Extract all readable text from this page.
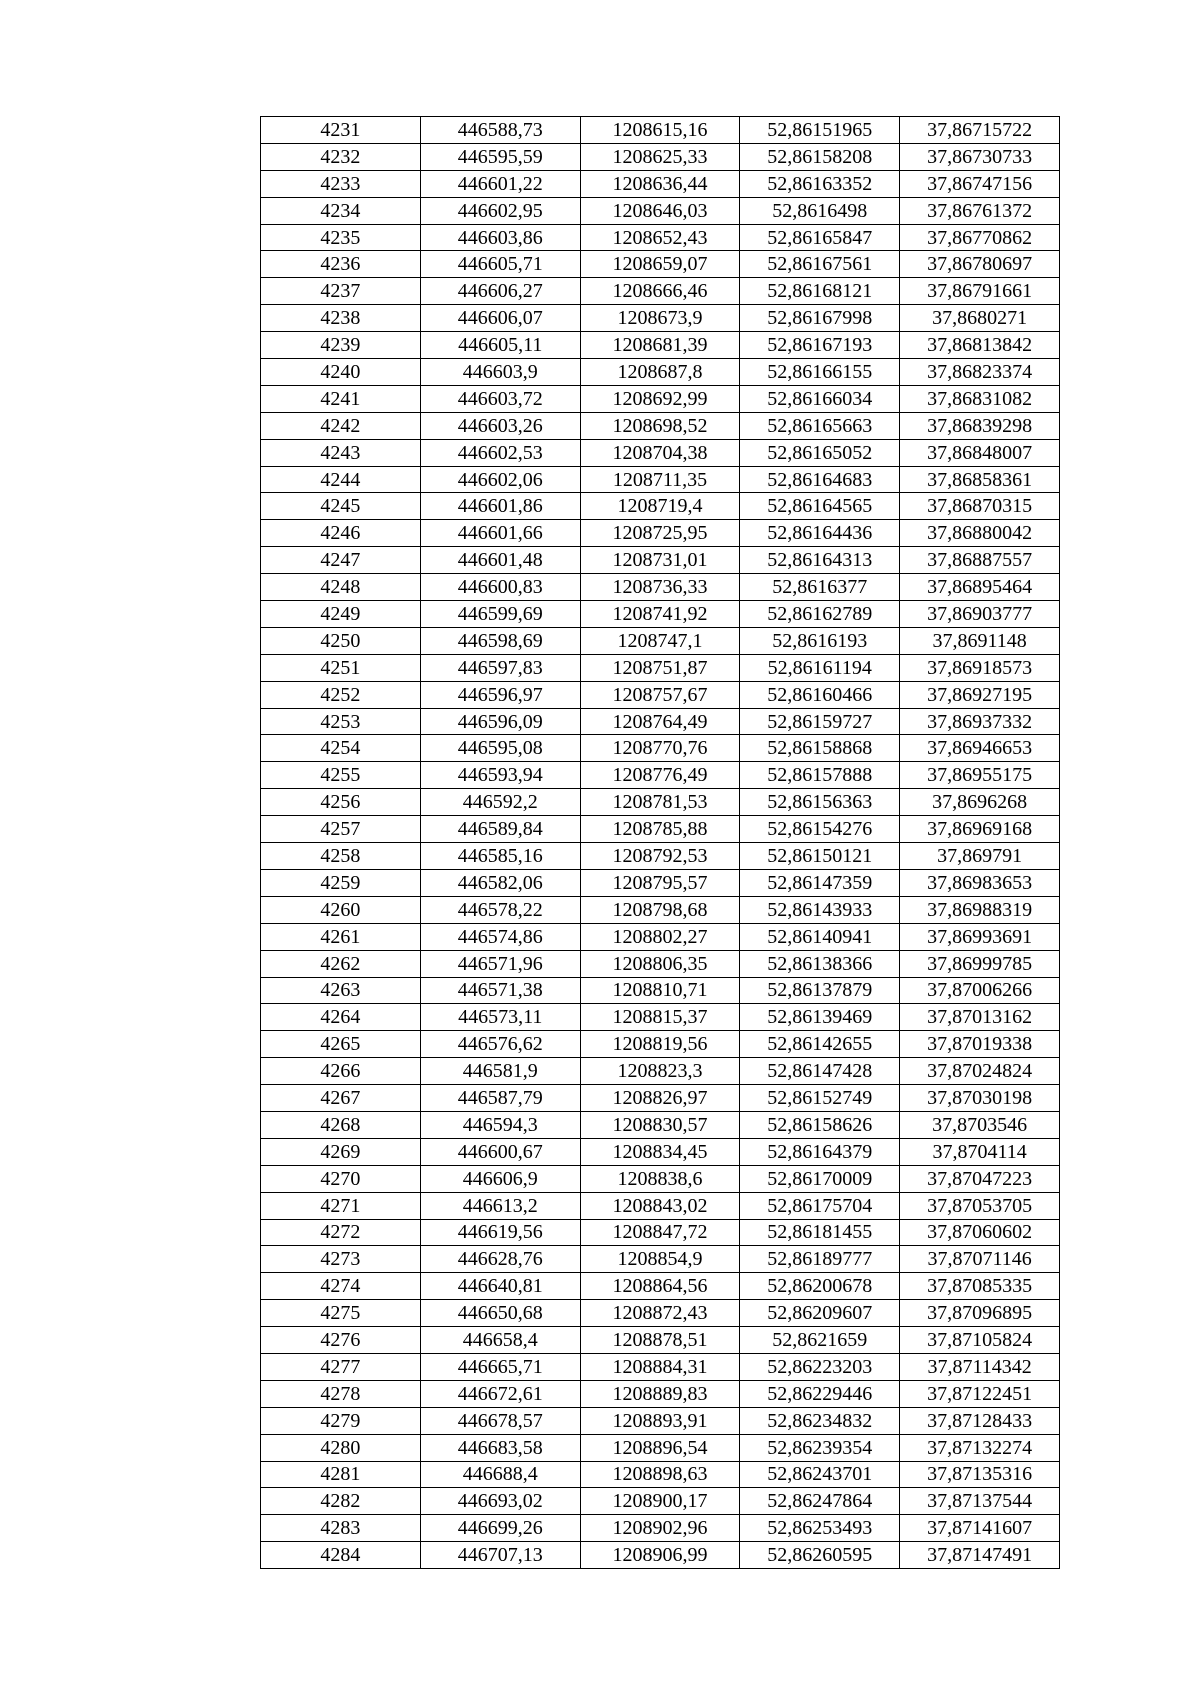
4231	446588,73	1208615,16	52,86151965	37,86715722
4232	446595,59	1208625,33	52,86158208	37,86730733
4233	446601,22	1208636,44	52,86163352	37,86747156
4234	446602,95	1208646,03	52,8616498	37,86761372
4235	446603,86	1208652,43	52,86165847	37,86770862
4236	446605,71	1208659,07	52,86167561	37,86780697
4237	446606,27	1208666,46	52,86168121	37,86791661
4238	446606,07	1208673,9	52,86167998	37,8680271
4239	446605,11	1208681,39	52,86167193	37,86813842
4240	446603,9	1208687,8	52,86166155	37,86823374
4241	446603,72	1208692,99	52,86166034	37,86831082
4242	446603,26	1208698,52	52,86165663	37,86839298
4243	446602,53	1208704,38	52,86165052	37,86848007
4244	446602,06	1208711,35	52,86164683	37,86858361
4245	446601,86	1208719,4	52,86164565	37,86870315
4246	446601,66	1208725,95	52,86164436	37,86880042
4247	446601,48	1208731,01	52,86164313	37,86887557
4248	446600,83	1208736,33	52,8616377	37,86895464
4249	446599,69	1208741,92	52,86162789	37,86903777
4250	446598,69	1208747,1	52,8616193	37,8691148
4251	446597,83	1208751,87	52,86161194	37,86918573
4252	446596,97	1208757,67	52,86160466	37,86927195
4253	446596,09	1208764,49	52,86159727	37,86937332
4254	446595,08	1208770,76	52,86158868	37,86946653
4255	446593,94	1208776,49	52,86157888	37,86955175
4256	446592,2	1208781,53	52,86156363	37,8696268
4257	446589,84	1208785,88	52,86154276	37,86969168
4258	446585,16	1208792,53	52,86150121	37,869791
4259	446582,06	1208795,57	52,86147359	37,86983653
4260	446578,22	1208798,68	52,86143933	37,86988319
4261	446574,86	1208802,27	52,86140941	37,86993691
4262	446571,96	1208806,35	52,86138366	37,86999785
4263	446571,38	1208810,71	52,86137879	37,87006266
4264	446573,11	1208815,37	52,86139469	37,87013162
4265	446576,62	1208819,56	52,86142655	37,87019338
4266	446581,9	1208823,3	52,86147428	37,87024824
4267	446587,79	1208826,97	52,86152749	37,87030198
4268	446594,3	1208830,57	52,86158626	37,8703546
4269	446600,67	1208834,45	52,86164379	37,8704114
4270	446606,9	1208838,6	52,86170009	37,87047223
4271	446613,2	1208843,02	52,86175704	37,87053705
4272	446619,56	1208847,72	52,86181455	37,87060602
4273	446628,76	1208854,9	52,86189777	37,87071146
4274	446640,81	1208864,56	52,86200678	37,87085335
4275	446650,68	1208872,43	52,86209607	37,87096895
4276	446658,4	1208878,51	52,8621659	37,87105824
4277	446665,71	1208884,31	52,86223203	37,87114342
4278	446672,61	1208889,83	52,86229446	37,87122451
4279	446678,57	1208893,91	52,86234832	37,87128433
4280	446683,58	1208896,54	52,86239354	37,87132274
4281	446688,4	1208898,63	52,86243701	37,87135316
4282	446693,02	1208900,17	52,86247864	37,87137544
4283	446699,26	1208902,96	52,86253493	37,87141607
4284	446707,13	1208906,99	52,86260595	37,87147491
